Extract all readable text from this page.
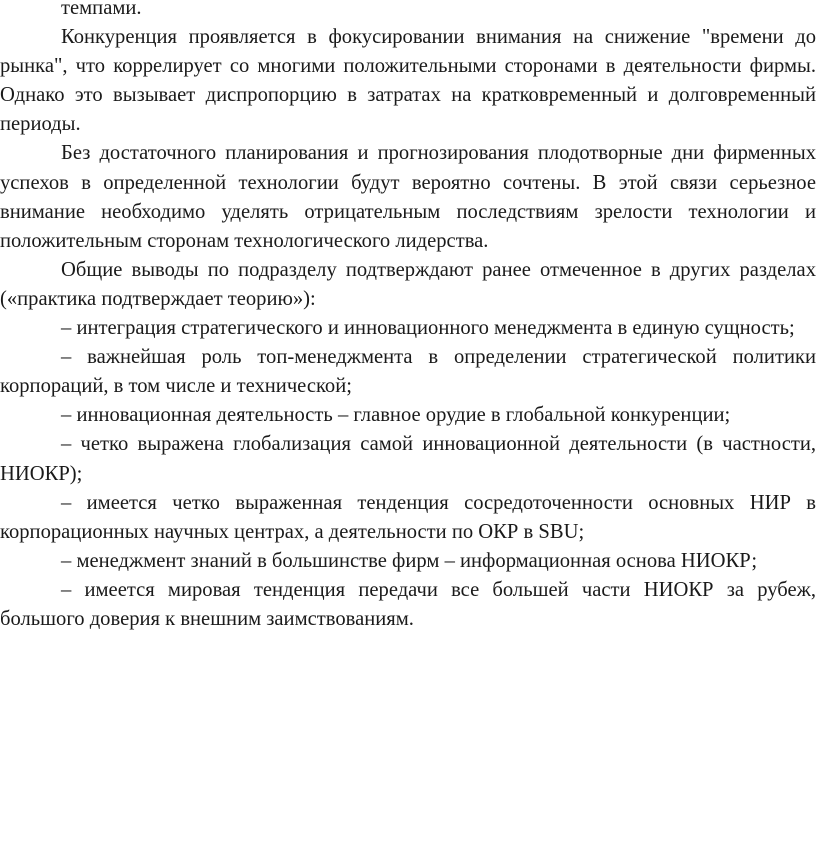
темпами.

Конкуренция проявляется в фокусировании внимания на снижение "времени до рынка", что коррелирует со многими положительными сторонами в деятельности фирмы. Однако это вызывает диспропорцию в затратах на кратковременный и долговременный периоды.

Без достаточного планирования и прогнозирования плодотворные дни фирменных успехов в определенной технологии будут вероятно сочтены. В этой связи серьезное внимание необходимо уделять отрицательным последствиям зрелости технологии и положительным сторонам технологического лидерства.

Общие выводы по подразделу подтверждают ранее отмеченное в других разделах («практика подтверждает теорию»):

– интеграция стратегического и инновационного менеджмента в единую сущность;

– важнейшая роль топ-менеджмента в определении стратегической политики корпораций, в том числе и технической;

– инновационная деятельность – главное орудие в глобальной конкуренции;

– четко выражена глобализация самой инновационной деятельности (в частности, НИОКР);

– имеется четко выраженная тенденция сосредоточенности основных НИР в корпорационных научных центрах, а деятельности по ОКР в SBU;

– менеджмент знаний в большинстве фирм – информационная основа НИОКР;

– имеется мировая тенденция передачи все большей части НИОКР за рубеж, большого доверия к внешним заимствованиям.
